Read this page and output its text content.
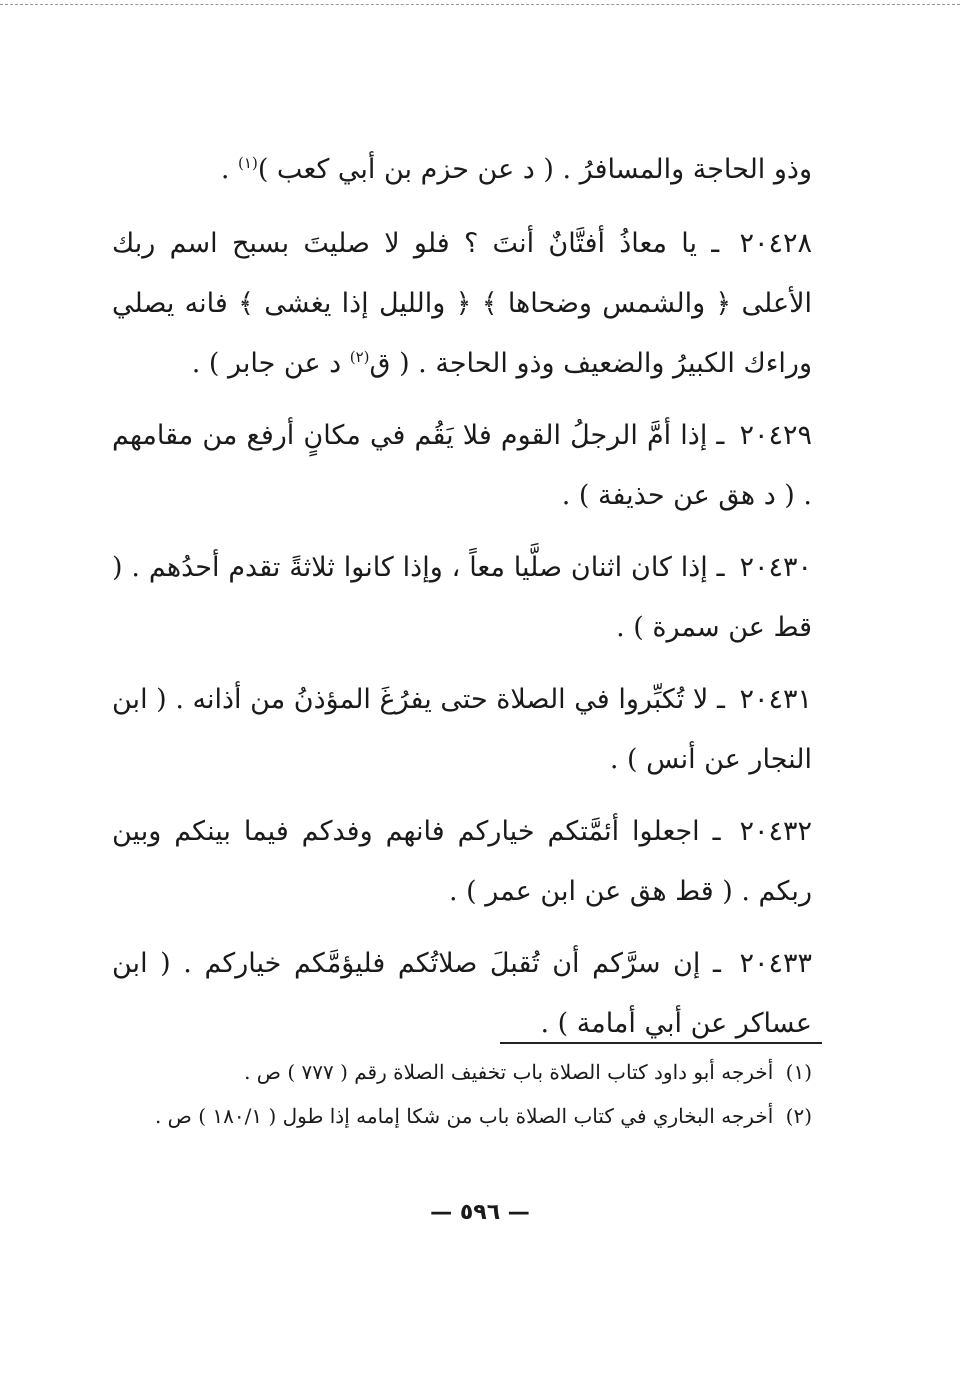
وذو الحاجة والمسافرُ . ( د عن حزم بن أبي كعب )$^{(١)}$ .

٢٠٤٢٨ ـ يا معاذُ أفتَّانٌ أنتَ ؟ فلو لا صليتَ بسبح اسم ربك الأعلى ﴿ والشمس وضحاها ﴾ ﴿ والليل إذا يغشى ﴾ فانه يصلي وراءك الكبيرُ والضعيف وذو الحاجة . ( ق$^{(٢)}$ د عن جابر ) .

٢٠٤٢٩ ـ إذا أمَّ الرجلُ القوم فلا يَقُم في مكانٍ أرفع من مقامهم . ( د هق عن حذيفة ) .

٢٠٤٣٠ ـ إذا كان اثنان صلَّيا معاً ، وإذا كانوا ثلاثةً تقدم أحدُهم . ( قط عن سمرة ) .

٢٠٤٣١ ـ لا تُكبِّروا في الصلاة حتى يفرُغَ المؤذنُ من أذانه . ( ابن النجار عن أنس ) .

٢٠٤٣٢ ـ اجعلوا أئمَّتكم خياركم فانهم وفدكم فيما بينكم وبين ربكم . ( قط هق عن ابن عمر ) .

٢٠٤٣٣ ـ إن سرَّكم أن تُقبلَ صلاتُكم فليؤمَّكم خياركم . ( ابن عساكر عن أبي أمامة ) .

(١) أخرجه أبو داود كتاب الصلاة باب تخفيف الصلاة رقم ( ٧٧٧ ) ص .

(٢) أخرجه البخاري في كتاب الصلاة باب من شكا إمامه إذا طول ( ١٨٠/١ ) ص .

— ٥٩٦ —
